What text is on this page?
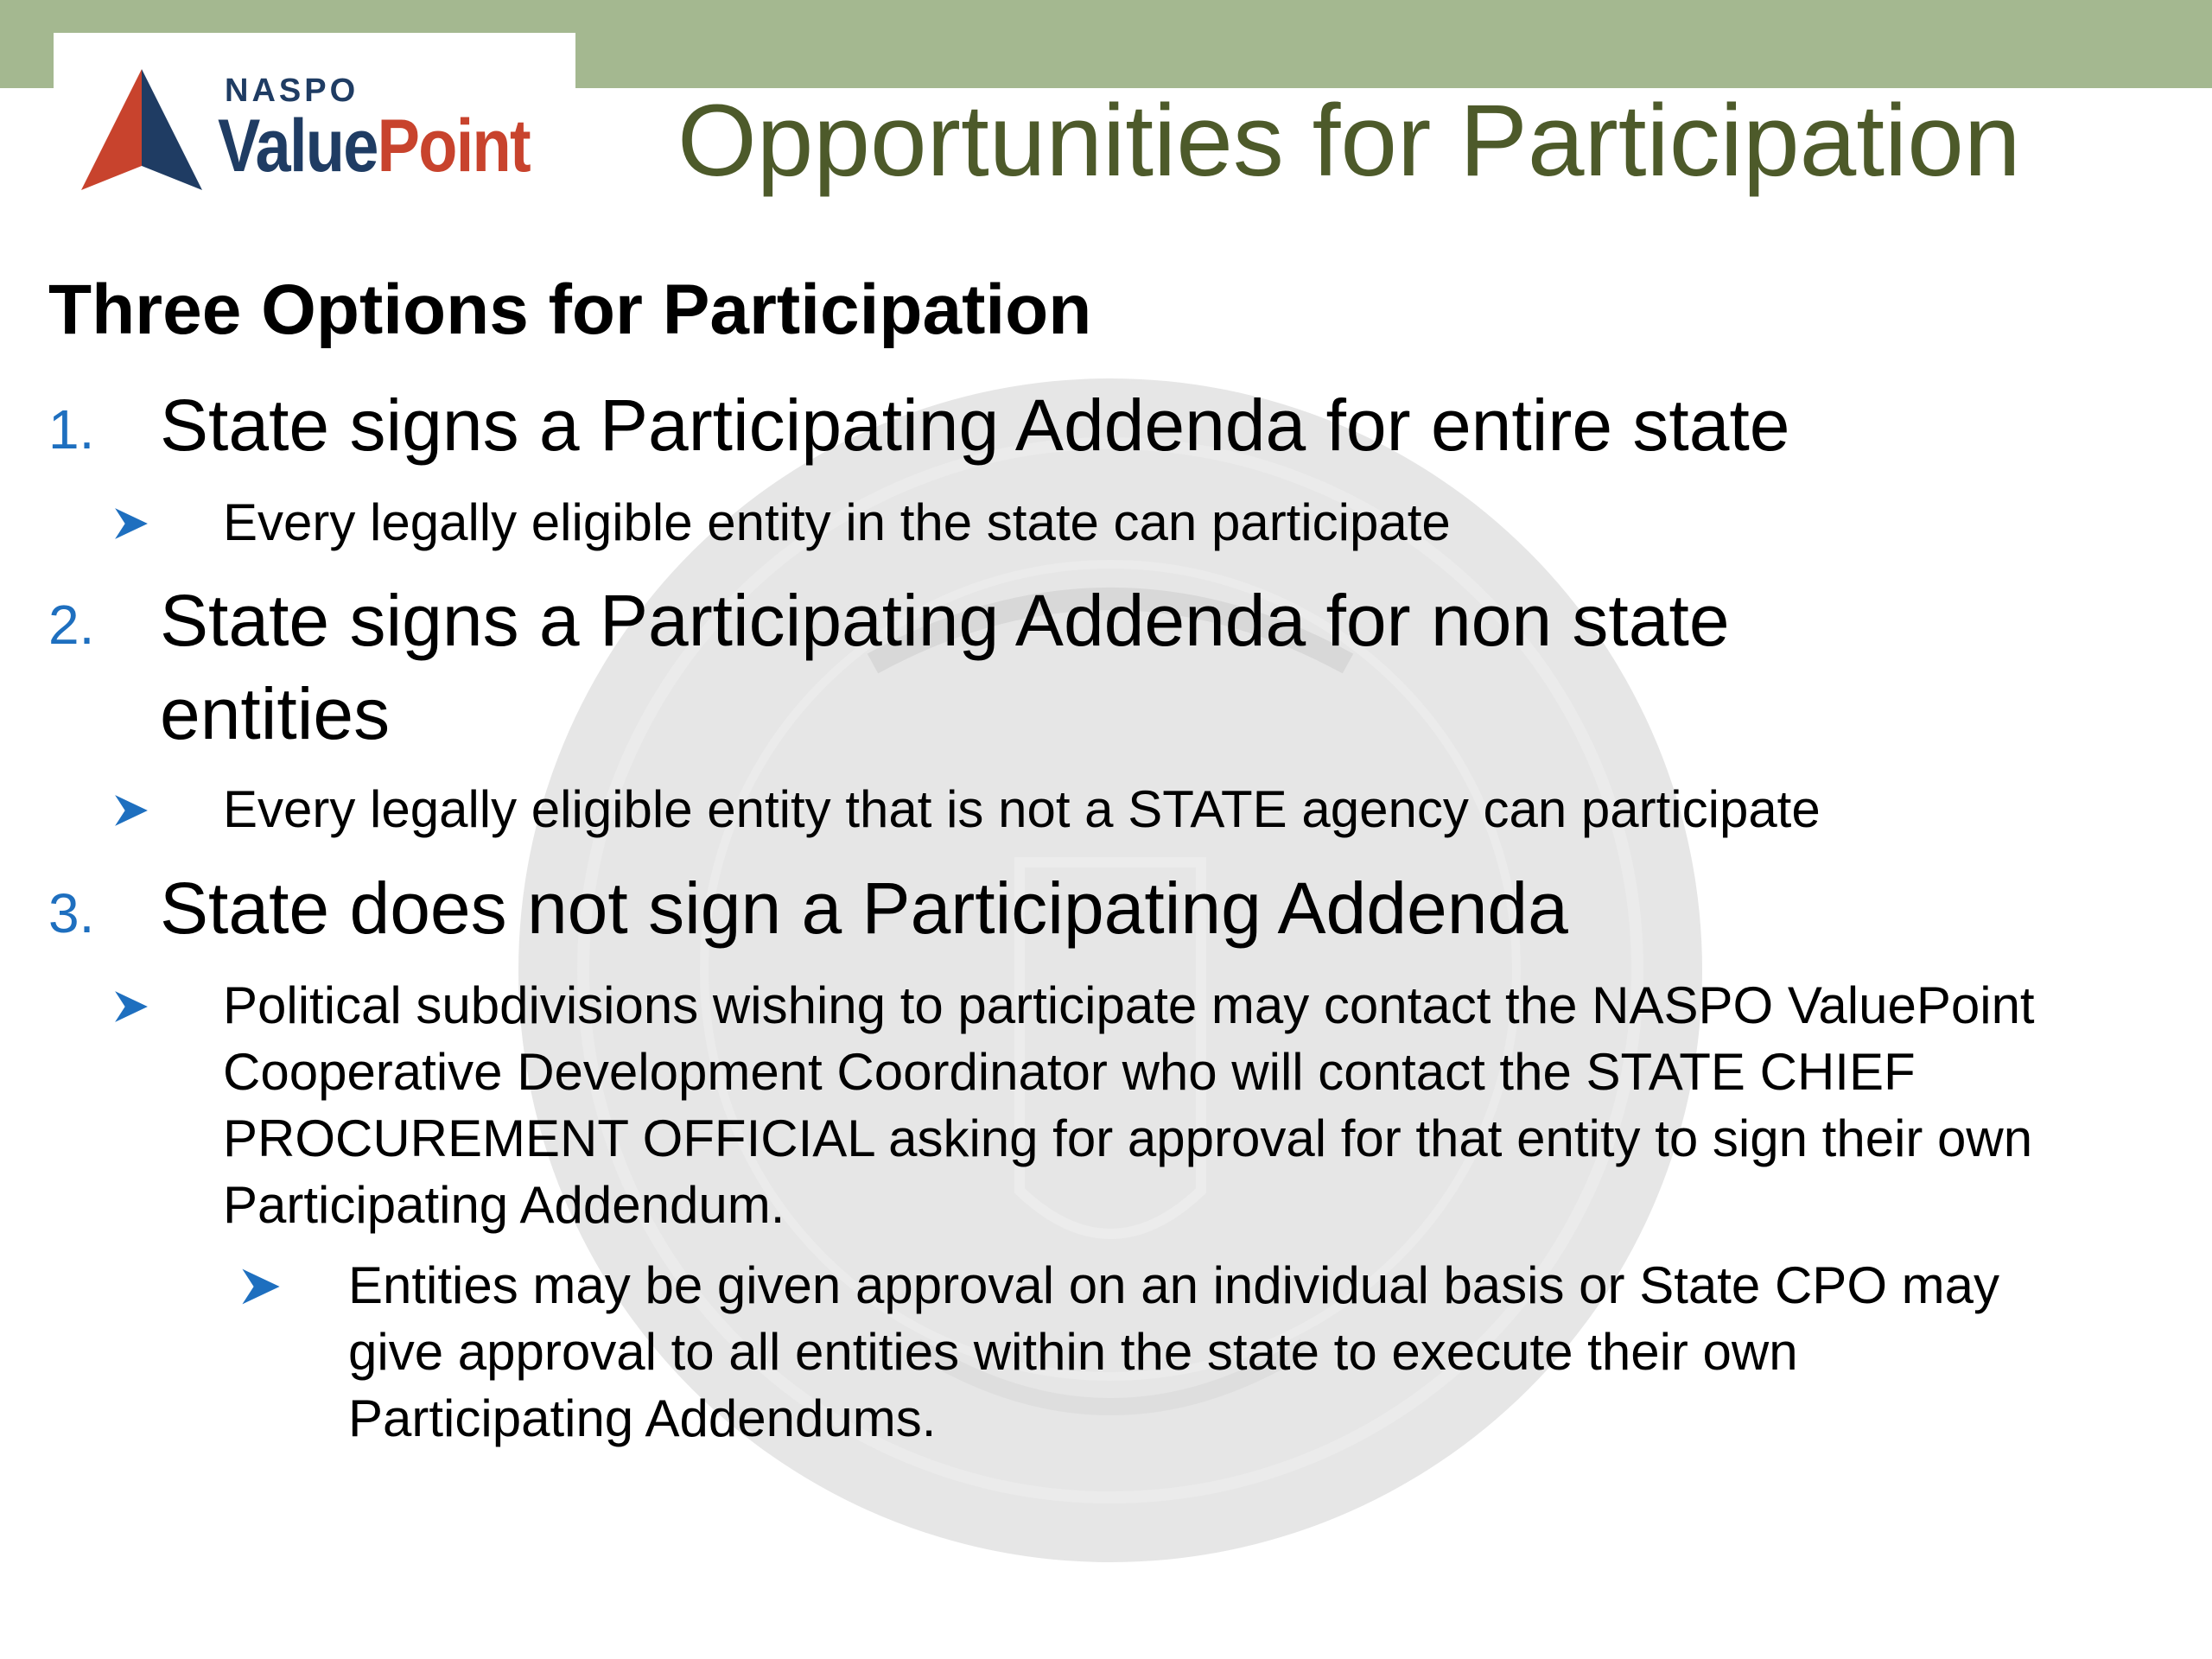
NASPO
ValuePoint Opportunities for Participation
Three Options for Participation
1. State signs a Participating Addenda for entire state
Every legally eligible entity in the state can participate
2. State signs a Participating Addenda for non state entities
Every legally eligible entity that is not a STATE agency can participate
3. State does not sign a Participating Addenda
Political subdivisions wishing to participate may contact the NASPO ValuePoint Cooperative Development Coordinator who will contact the STATE CHIEF PROCUREMENT OFFICIAL asking for approval for that entity to sign their own Participating Addendum.
Entities may be given approval on an individual basis or State CPO may give approval to all entities within the state to execute their own Participating Addendums.
